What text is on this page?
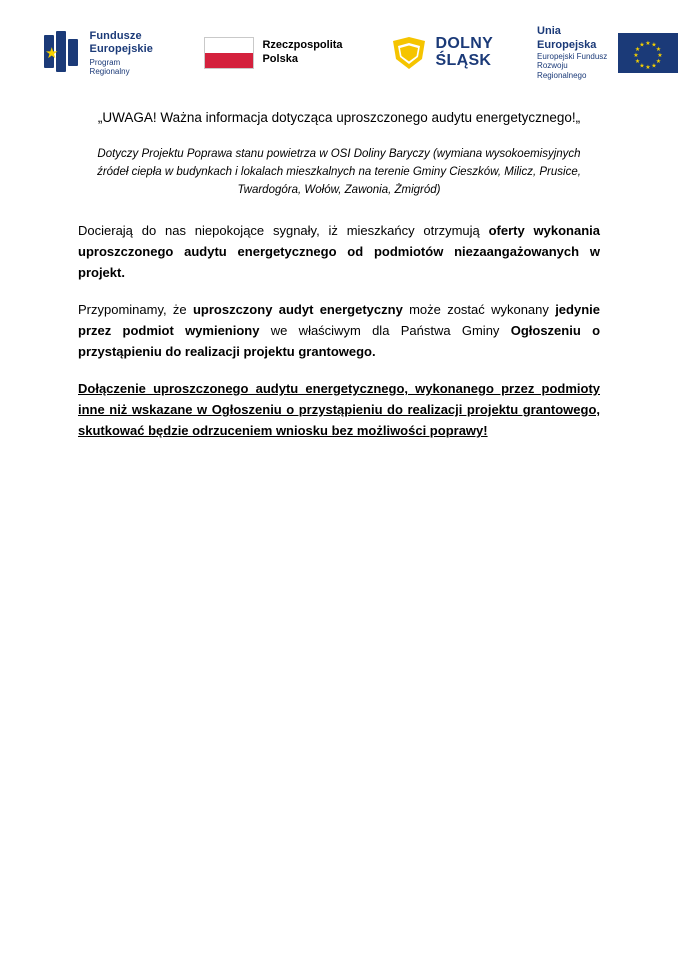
★
Fundusze
Europejskie
Program Regionalny
Rzeczpospolita
Polska
DOLNY
ŚLĄSK
Unia Europejska
Europejski Fundusz
Rozwoju Regionalnego
★ ★
★
★
★
★
★
★
★
★
★
★
„UWAGA! Ważna informacja dotycząca uproszczonego audytu energetycznego!„
Dotyczy Projektu Poprawa stanu powietrza w OSI Doliny Baryczy (wymiana wysokoemisyjnych źródeł ciepła w budynkach i lokalach mieszkalnych na terenie Gminy Cieszków, Milicz, Prusice, Twardogóra, Wołów, Zawonia, Żmigród)

Docierają do nas niepokojące sygnały, iż mieszkańcy otrzymują oferty wykonania uproszczonego audytu energetycznego od podmiotów niezaangażowanych w projekt.

Przypominamy, że uproszczony audyt energetyczny może zostać wykonany jedynie przez podmiot wymieniony we właściwym dla Państwa Gminy Ogłoszeniu o przystąpieniu do realizacji projektu grantowego.

Dołączenie uproszczonego audytu energetycznego, wykonanego przez podmioty inne niż wskazane w Ogłoszeniu o przystąpieniu do realizacji projektu grantowego, skutkować będzie odrzuceniem wniosku bez możliwości poprawy!
